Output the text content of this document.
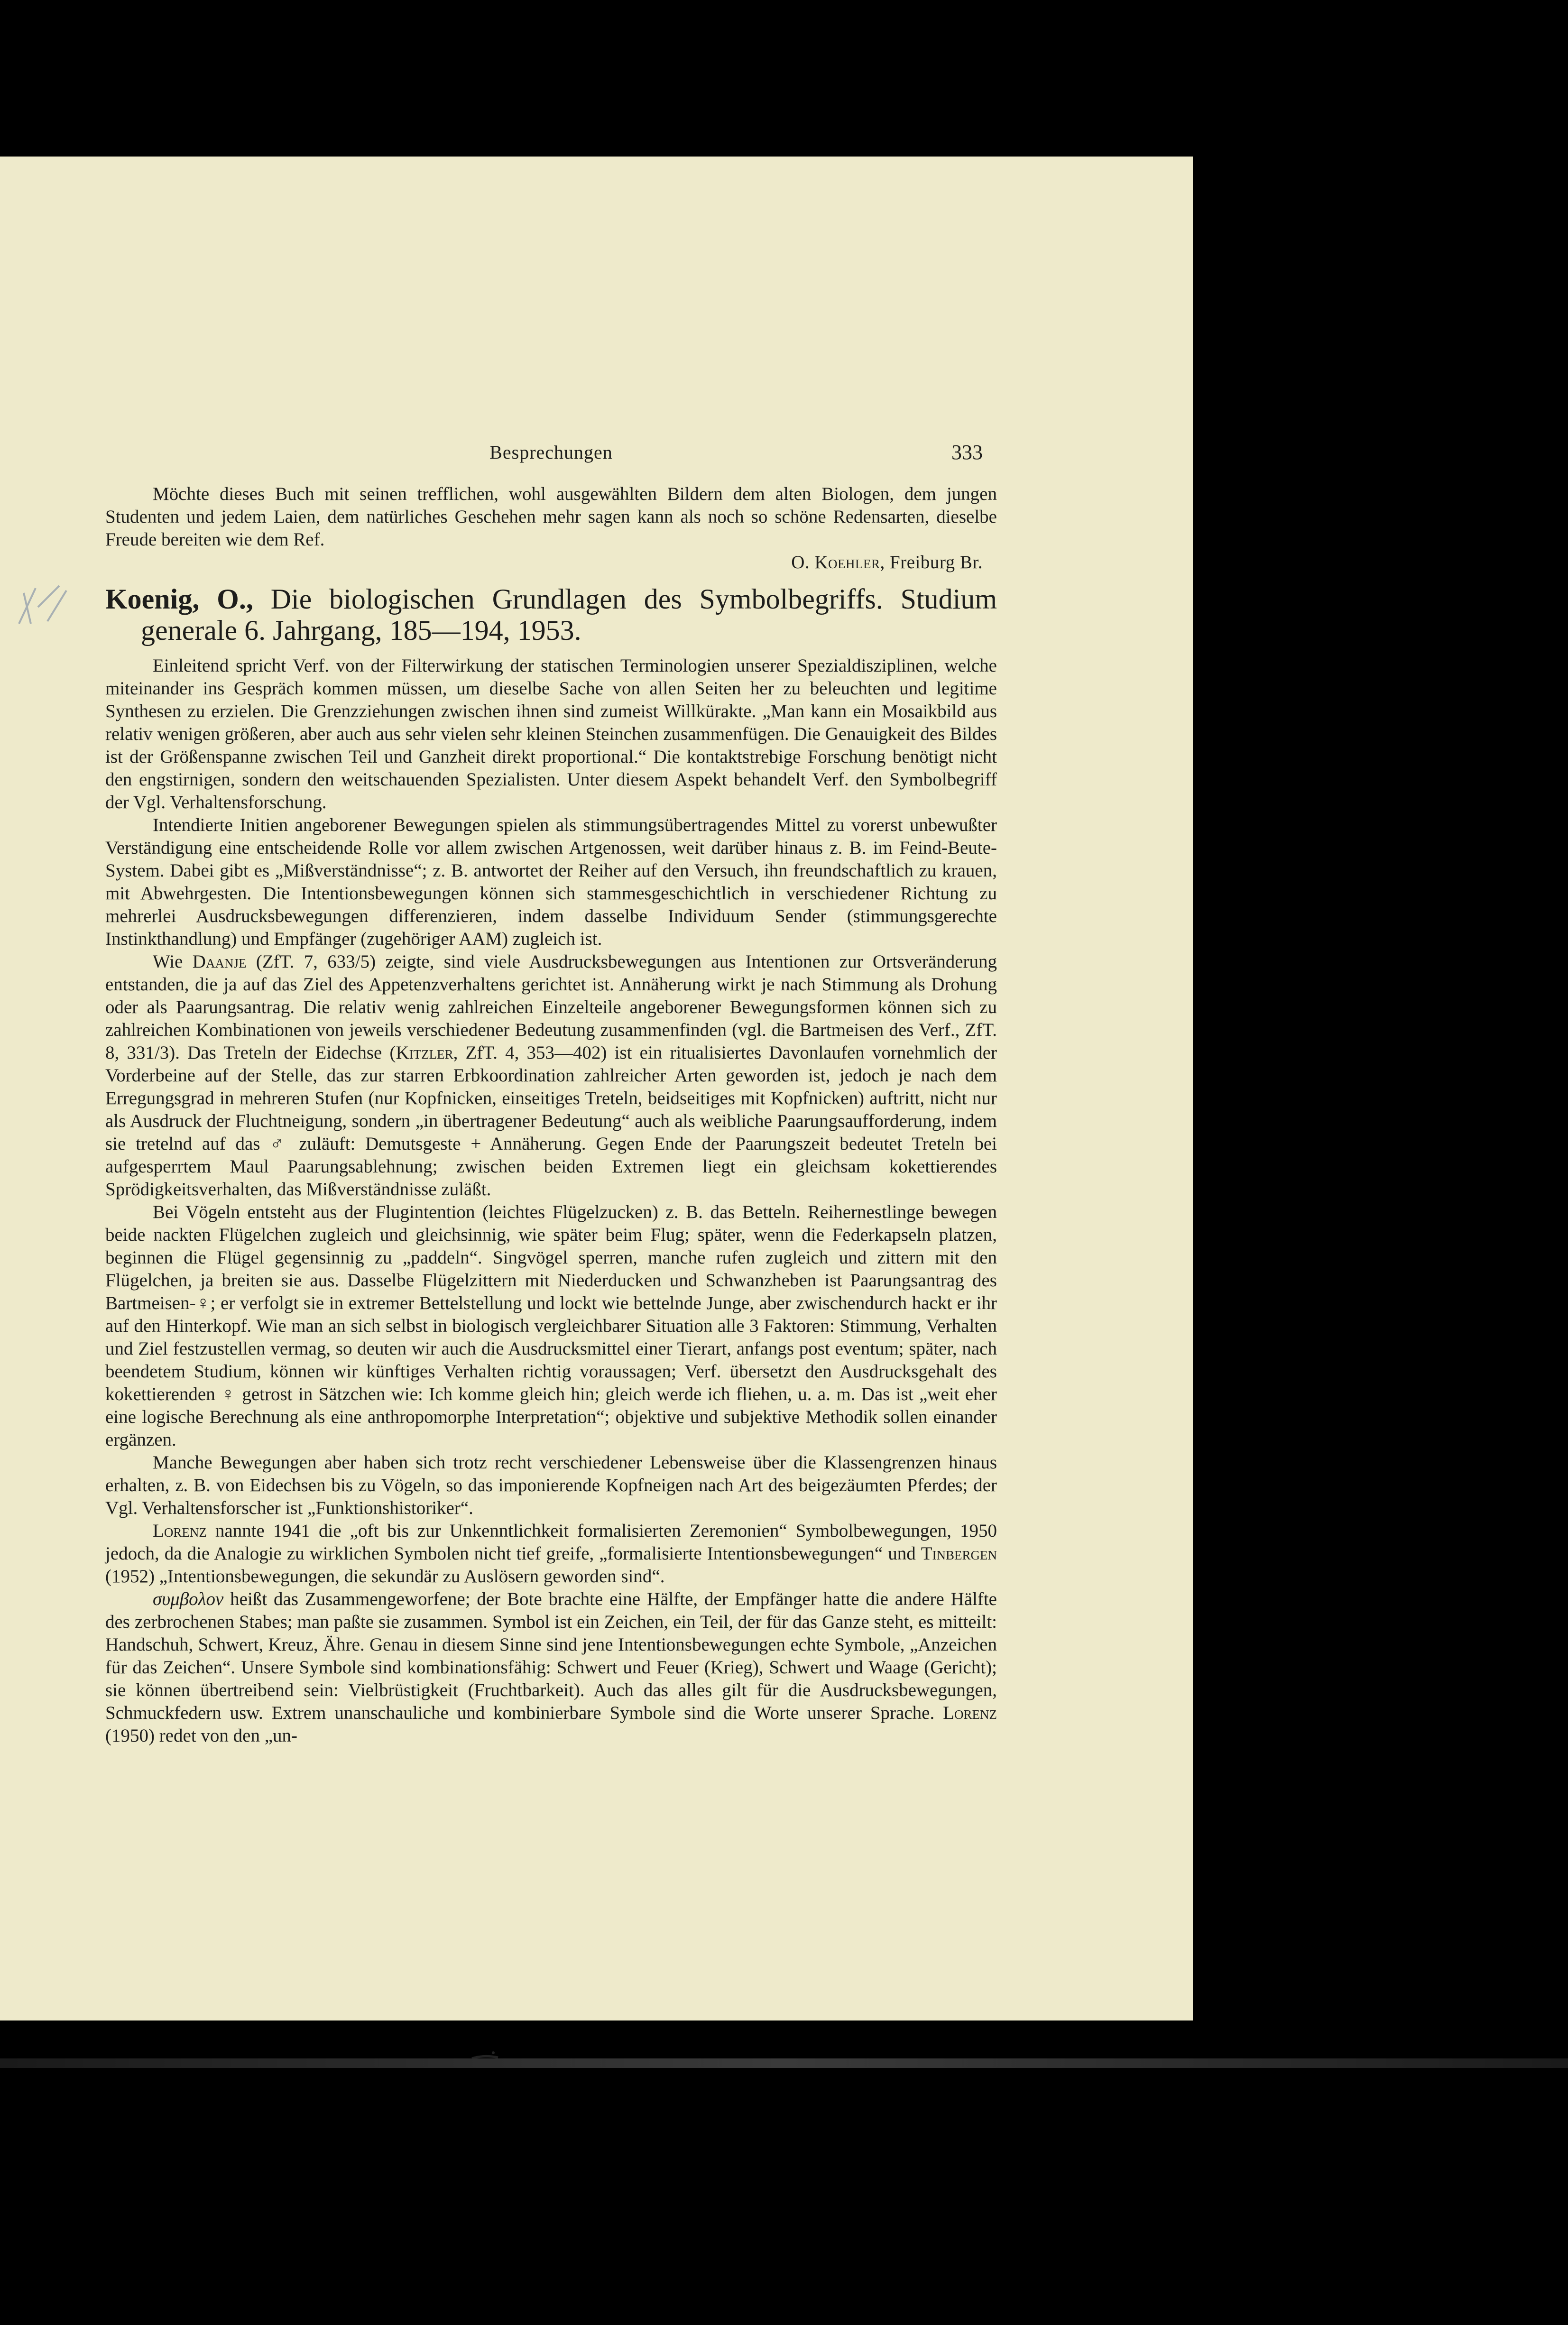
Besprechungen	333

Möchte dieses Buch mit seinen trefflichen, wohl ausgewählten Bildern dem alten Biologen, dem jungen Studenten und jedem Laien, dem natürliches Geschehen mehr sagen kann als noch so schöne Redensarten, dieselbe Freude bereiten wie dem Ref.

O. Koehler, Freiburg Br.

Koenig, O., Die biologischen Grundlagen des Symbolbegriffs. Studium generale 6. Jahrgang, 185—194, 1953.

Einleitend spricht Verf. von der Filterwirkung der statischen Terminologien unserer Spezialdisziplinen, welche miteinander ins Gespräch kommen müssen, um dieselbe Sache von allen Seiten her zu beleuchten und legitime Synthesen zu erzielen. Die Grenzziehungen zwischen ihnen sind zumeist Willkürakte. „Man kann ein Mosaikbild aus relativ wenigen größeren, aber auch aus sehr vielen sehr kleinen Steinchen zusammenfügen. Die Genauigkeit des Bildes ist der Größenspanne zwischen Teil und Ganzheit direkt proportional.“ Die kontaktstrebige Forschung benötigt nicht den engstirnigen, sondern den weitschauenden Spezialisten. Unter diesem Aspekt behandelt Verf. den Symbolbegriff der Vgl. Verhaltensforschung.

Intendierte Initien angeborener Bewegungen spielen als stimmungsübertragendes Mittel zu vorerst unbewußter Verständigung eine entscheidende Rolle vor allem zwischen Artgenossen, weit darüber hinaus z. B. im Feind-Beute-System. Dabei gibt es „Mißverständnisse“; z. B. antwortet der Reiher auf den Versuch, ihn freundschaftlich zu krauen, mit Abwehrgesten. Die Intentionsbewegungen können sich stammesgeschichtlich in verschiedener Richtung zu mehrerlei Ausdrucksbewegungen differenzieren, indem dasselbe Individuum Sender (stimmungsgerechte Instinkthandlung) und Empfänger (zugehöriger AAM) zugleich ist.

Wie Daanje (ZfT. 7, 633/5) zeigte, sind viele Ausdrucksbewegungen aus Intentionen zur Ortsveränderung entstanden, die ja auf das Ziel des Appetenzverhaltens gerichtet ist. Annäherung wirkt je nach Stimmung als Drohung oder als Paarungsantrag. Die relativ wenig zahlreichen Einzelteile angeborener Bewegungsformen können sich zu zahlreichen Kombinationen von jeweils verschiedener Bedeutung zusammenfinden (vgl. die Bartmeisen des Verf., ZfT. 8, 331/3). Das Treteln der Eidechse (Kitzler, ZfT. 4, 353—402) ist ein ritualisiertes Davonlaufen vornehmlich der Vorderbeine auf der Stelle, das zur starren Erbkoordination zahlreicher Arten geworden ist, jedoch je nach dem Erregungsgrad in mehreren Stufen (nur Kopfnicken, einseitiges Treteln, beidseitiges mit Kopfnicken) auftritt, nicht nur als Ausdruck der Fluchtneigung, sondern „in übertragener Bedeutung“ auch als weibliche Paarungsaufforderung, indem sie tretelnd auf das ♂ zuläuft: Demutsgeste + Annäherung. Gegen Ende der Paarungszeit bedeutet Treteln bei aufgesperrtem Maul Paarungsablehnung; zwischen beiden Extremen liegt ein gleichsam kokettierendes Sprödigkeitsverhalten, das Mißverständnisse zuläßt.

Bei Vögeln entsteht aus der Flugintention (leichtes Flügelzucken) z. B. das Betteln. Reihernestlinge bewegen beide nackten Flügelchen zugleich und gleichsinnig, wie später beim Flug; später, wenn die Federkapseln platzen, beginnen die Flügel gegensinnig zu „paddeln“. Singvögel sperren, manche rufen zugleich und zittern mit den Flügelchen, ja breiten sie aus. Dasselbe Flügelzittern mit Niederducken und Schwanzheben ist Paarungsantrag des Bartmeisen-♀; er verfolgt sie in extremer Bettelstellung und lockt wie bettelnde Junge, aber zwischendurch hackt er ihr auf den Hinterkopf. Wie man an sich selbst in biologisch vergleichbarer Situation alle 3 Faktoren: Stimmung, Verhalten und Ziel festzustellen vermag, so deuten wir auch die Ausdrucksmittel einer Tierart, anfangs post eventum; später, nach beendetem Studium, können wir künftiges Verhalten richtig voraussagen; Verf. übersetzt den Ausdrucksgehalt des kokettierenden ♀ getrost in Sätzchen wie: Ich komme gleich hin; gleich werde ich fliehen, u. a. m. Das ist „weit eher eine logische Berechnung als eine anthropomorphe Interpretation“; objektive und subjektive Methodik sollen einander ergänzen.

Manche Bewegungen aber haben sich trotz recht verschiedener Lebensweise über die Klassengrenzen hinaus erhalten, z. B. von Eidechsen bis zu Vögeln, so das imponierende Kopfneigen nach Art des beigezäumten Pferdes; der Vgl. Verhaltensforscher ist „Funktionshistoriker“.

Lorenz nannte 1941 die „oft bis zur Unkenntlichkeit formalisierten Zeremonien“ Symbolbewegungen, 1950 jedoch, da die Analogie zu wirklichen Symbolen nicht tief greife, „formalisierte Intentionsbewegungen“ und Tinbergen (1952) „Intentionsbewegungen, die sekundär zu Auslösern geworden sind“.

συμβολον heißt das Zusammengeworfene; der Bote brachte eine Hälfte, der Empfänger hatte die andere Hälfte des zerbrochenen Stabes; man paßte sie zusammen. Symbol ist ein Zeichen, ein Teil, der für das Ganze steht, es mitteilt: Handschuh, Schwert, Kreuz, Ähre. Genau in diesem Sinne sind jene Intentionsbewegungen echte Symbole, „Anzeichen für das Zeichen“. Unsere Symbole sind kombinationsfähig: Schwert und Feuer (Krieg), Schwert und Waage (Gericht); sie können übertreibend sein: Vielbrüstigkeit (Fruchtbarkeit). Auch das alles gilt für die Ausdrucksbewegungen, Schmuckfedern usw. Extrem unanschauliche und kombinierbare Symbole sind die Worte unserer Sprache. Lorenz (1950) redet von den „un-
